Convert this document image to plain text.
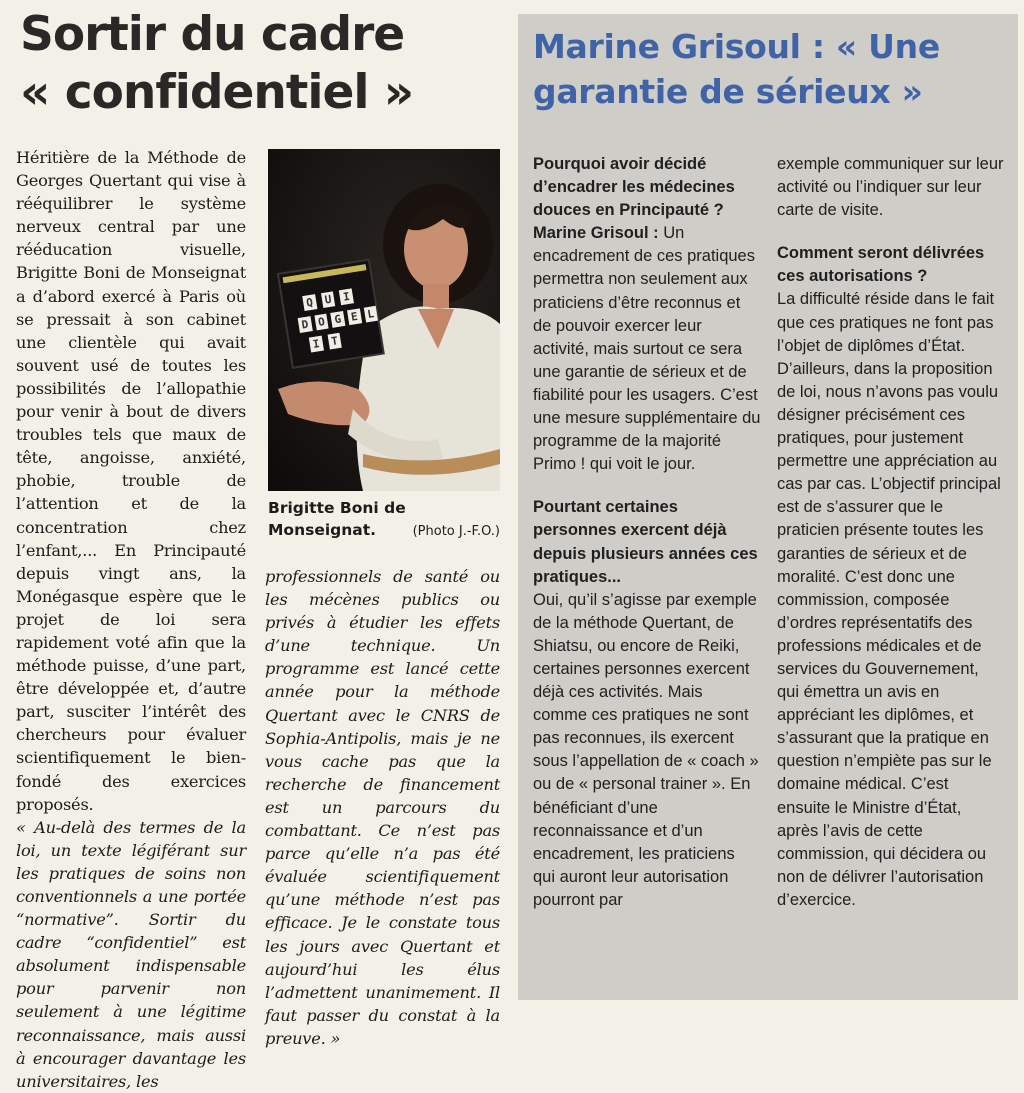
Sortir du cadre
« confidentiel »

Héritière de la Méthode de Georges Quertant qui vise à rééquilibrer le système nerveux central par une rééducation visuelle, Brigitte Boni de Monseignat a d’abord exercé à Paris où se pressait à son cabinet une clientèle qui avait souvent usé de toutes les possibilités de l’allopathie pour venir à bout de divers troubles tels que maux de tête, angoisse, anxiété, phobie, trouble de l’attention et de la concentration chez l’enfant,... En Principauté depuis vingt ans, la Monégasque espère que le projet de loi sera rapidement voté afin que la méthode puisse, d’une part, être développée et, d’autre part, susciter l’intérêt des chercheurs pour évaluer scientifiquement le bien-fondé des exercices proposés.

« Au-delà des termes de la loi, un texte légiférant sur les pratiques de soins non conventionnels a une portée “normative”. Sortir du cadre “confidentiel” est absolument indispensable pour parvenir non seulement à une légitime reconnaissance, mais aussi à encourager davantage les universitaires, les

Q U I
D O G E L
I T
(Photo J.-F.O.)
Brigitte Boni de Monseignat.

professionnels de santé ou les mécènes publics ou privés à étudier les effets d’une technique. Un programme est lancé cette année pour la méthode Quertant avec le CNRS de Sophia-Antipolis, mais je ne vous cache pas que la recherche de financement est un parcours du combattant. Ce n’est pas parce qu’elle n’a pas été évaluée scientifiquement qu’une méthode n’est pas efficace. Je le constate tous les jours avec Quertant et aujourd’hui les élus l’admettent unanimement. Il faut passer du constat à la preuve. »

Marine Grisoul : « Une
garantie de sérieux »

Pourquoi avoir décidé d’encadrer les médecines douces en Principauté ?
Marine Grisoul : Un encadrement de ces pratiques permettra non seulement aux praticiens d’être reconnus et de pouvoir exercer leur activité, mais surtout ce sera une garantie de sérieux et de fiabilité pour les usagers. C’est une mesure supplémentaire du programme de la majorité Primo ! qui voit le jour.

Pourtant certaines personnes exercent déjà depuis plusieurs années ces pratiques...
Oui, qu’il s’agisse par exemple de la méthode Quertant, de Shiatsu, ou encore de Reiki, certaines personnes exercent déjà ces activités. Mais comme ces pratiques ne sont pas reconnues, ils exercent sous l’appellation de « coach » ou de « personal trainer ». En bénéficiant d’une reconnaissance et d’un encadrement, les praticiens qui auront leur autorisation pourront par

exemple communiquer sur leur activité ou l’indiquer sur leur carte de visite.

Comment seront délivrées ces autorisations ?
La difficulté réside dans le fait que ces pratiques ne font pas l’objet de diplômes d’État. D’ailleurs, dans la proposition de loi, nous n’avons pas voulu désigner précisément ces pratiques, pour justement permettre une appréciation au cas par cas. L’objectif principal est de s’assurer que le praticien présente toutes les garanties de sérieux et de moralité. C’est donc une commission, composée d’ordres représentatifs des professions médicales et de services du Gouvernement, qui émettra un avis en appréciant les diplômes, et s’assurant que la pratique en question n’empiète pas sur le domaine médical. C’est ensuite le Ministre d’État, après l’avis de cette commission, qui décidera ou non de délivrer l’autorisation d’exercice.
